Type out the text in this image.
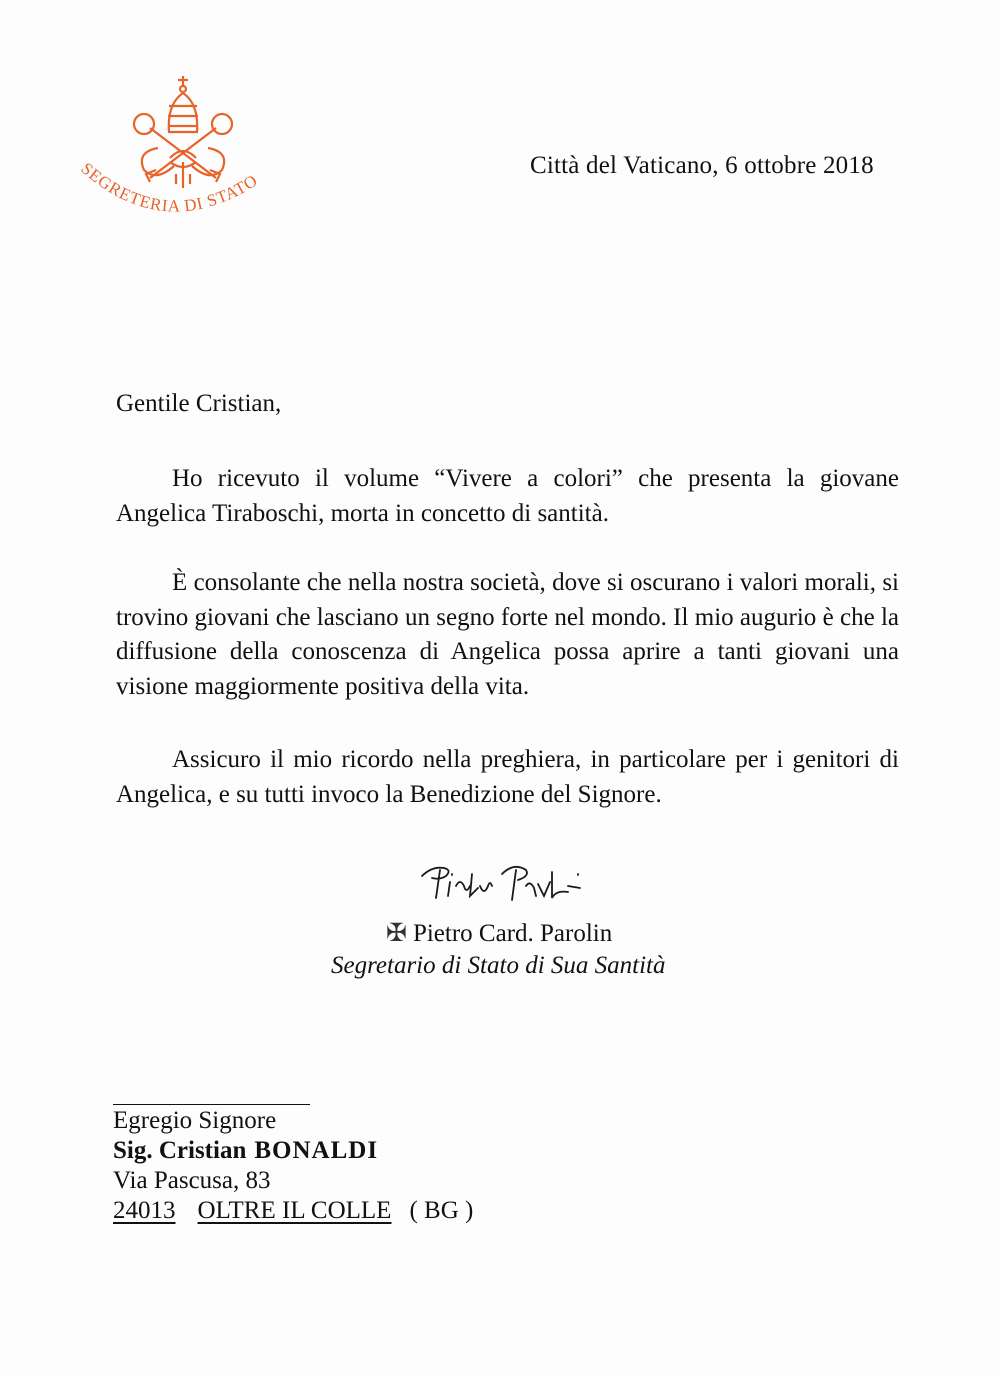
SEGRETERIA DI STATO
Città del Vaticano, 6 ottobre 2018
Gentile Cristian,

Ho ricevuto il volume “Vivere a colori” che presenta la giovane Angelica Tiraboschi, morta in concetto di santità.

È consolante che nella nostra società, dove si oscurano i valori morali, si trovino giovani che lasciano un segno forte nel mondo. Il mio augurio è che la diffusione della conoscenza di Angelica possa aprire a tanti giovani una visione maggiormente positiva della vita.

Assicuro il mio ricordo nella preghiera, in particolare per i genitori di Angelica, e su tutti invoco la Benedizione del Signore.

✠ Pietro Card. Parolin
Segretario di Stato di Sua Santità
Egregio Signore
Sig. Cristian BONALDI
Via Pascusa, 83
24013 OLTRE IL COLLE ( BG )
